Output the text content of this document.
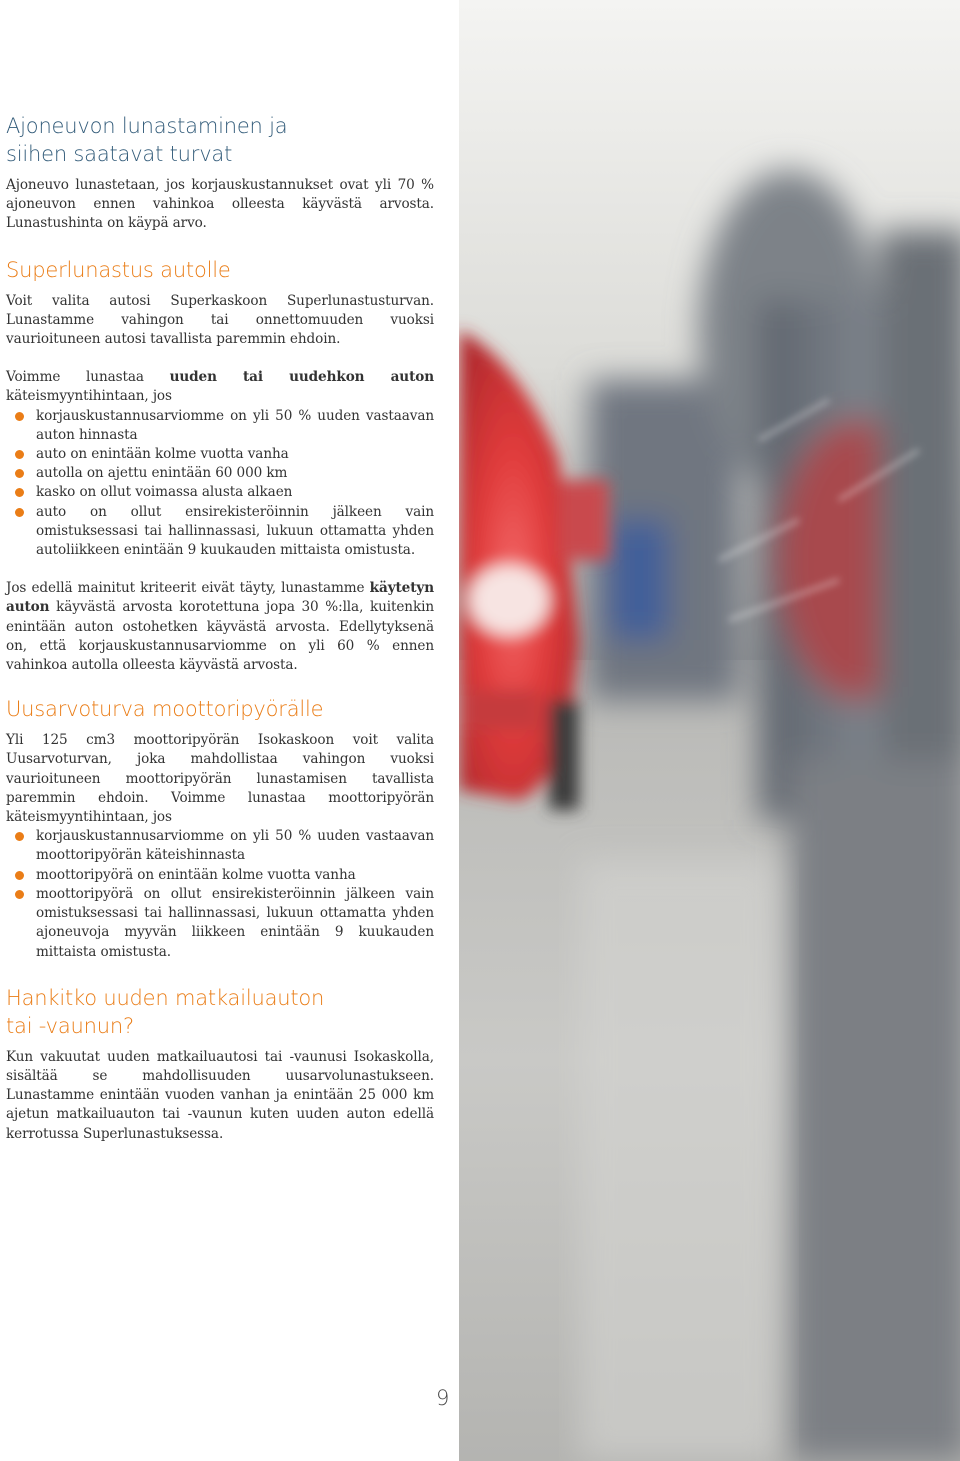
Ajoneuvon lunastaminen ja
siihen saatavat turvat

Ajoneuvo lunastetaan, jos korjauskustannukset ovat yli 70 % ajoneuvon ennen vahinkoa olleesta käyvästä arvosta. Lunastushinta on käypä arvo.

Superlunastus autolle

Voit valita autosi Superkaskoon Superlunastusturvan. Lunastamme vahingon tai onnettomuuden vuoksi vaurioituneen autosi tavallista paremmin ehdoin.

Voimme lunastaa uuden tai uudehkon auton käteismyyntihintaan, jos

korjauskustannusarviomme on yli 50 % uuden vastaavan auton hinnasta
auto on enintään kolme vuotta vanha
autolla on ajettu enintään 60 000 km
kasko on ollut voimassa alusta alkaen
auto on ollut ensirekisteröinnin jälkeen vain omistuksessasi tai hallinnassasi, lukuun ottamatta yhden autoliikkeen enintään 9 kuukauden mittaista omistusta.

Jos edellä mainitut kriteerit eivät täyty, lunastamme käytetyn auton käyvästä arvosta korotettuna jopa 30 %:lla, kuitenkin enintään auton ostohetken käyvästä arvosta. Edellytyksenä on, että korjauskustannusarviomme on yli 60 % ennen vahinkoa autolla olleesta käyvästä arvosta.

Uusarvoturva moottoripyörälle

Yli 125 cm3 moottoripyörän Isokaskoon voit valita Uusarvoturvan, joka mahdollistaa vahingon vuoksi vaurioituneen moottoripyörän lunastamisen tavallista paremmin ehdoin. Voimme lunastaa moottoripyörän käteismyyntihintaan, jos

korjauskustannusarviomme on yli 50 % uuden vastaavan moottoripyörän käteishinnasta
moottoripyörä on enintään kolme vuotta vanha
moottoripyörä on ollut ensirekisteröinnin jälkeen vain omistuksessasi tai hallinnassasi, lukuun ottamatta yhden ajoneuvoja myyvän liikkeen enintään 9 kuukauden mittaista omistusta.
Hankitko uuden matkailuauton
tai -vaunun?

Kun vakuutat uuden matkailuautosi tai -vaunusi Isokaskolla, sisältää se mahdollisuuden uusarvolunastukseen. Lunastamme enintään vuoden vanhan ja enintään 25 000 km ajetun matkailuauton tai -vaunun kuten uuden auton edellä kerrotussa Superlunastuksessa.

9
